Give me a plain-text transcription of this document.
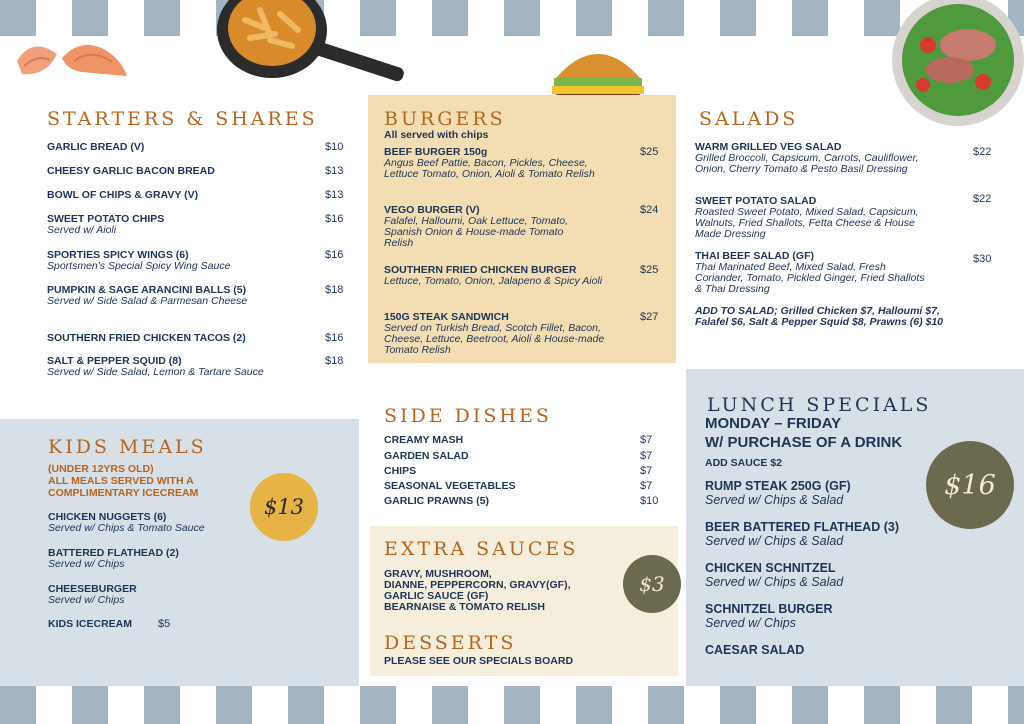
STARTERS & SHARES
GARLIC BREAD (V)	$10
CHEESY GARLIC BACON BREAD	$13
BOWL OF CHIPS & GRAVY (V)	$13
SWEET POTATO CHIPS
Served w/ Aioli
$16
SPORTIES SPICY WINGS (6)
Sportsmen's Special Spicy Wing Sauce
$16
PUMPKIN & SAGE ARANCINI BALLS (5)
Served w/ Side Salad & Parmesan Cheese
$18
SOUTHERN FRIED CHICKEN TACOS (2)	$16
SALT & PEPPER SQUID (8)
Served w/ Side Salad, Lemon & Tartare Sauce
$18
BURGERS
All served with chips
BEEF BURGER 150g
Angus Beef Pattie, Bacon, Pickles, Cheese, Lettuce Tomato, Onion, Aioli & Tomato Relish
$25
VEGO BURGER (V)
Falafel, Halloumi, Oak Lettuce, Tomato, Spanish Onion & House-made Tomato Relish
$24
SOUTHERN FRIED CHICKEN BURGER
Lettuce, Tomato, Onion, Jalapeno & Spicy Aioli
$25
150G STEAK SANDWICH
Served on Turkish Bread, Scotch Fillet, Bacon, Cheese, Lettuce, Beetroot, Aioli & House-made Tomato Relish
$27
SALADS
WARM GRILLED VEG SALAD
Grilled Broccoli, Capsicum, Carrots, Cauliflower, Onion, Cherry Tomato & Pesto Basil Dressing
$22
SWEET POTATO SALAD
Roasted Sweet Potato, Mixed Salad, Capsicum, Walnuts, Fried Shallots, Fetta Cheese & House Made Dressing
$22
THAI BEEF SALAD (GF)
Thai Marinated Beef, Mixed Salad, Fresh Coriander, Tomato, Pickled Ginger, Fried Shallots & Thai Dressing
$30
ADD TO SALAD; Grilled Chicken $7, Halloumi $7, Falafel $6, Salt & Pepper Squid $8, Prawns (6) $10
KIDS MEALS
(UNDER 12YRS OLD)
ALL MEALS SERVED WITH A
COMPLIMENTARY ICECREAM
$13
CHICKEN NUGGETS (6)
Served w/ Chips & Tomato Sauce
BATTERED FLATHEAD (2)
Served w/ Chips
CHEESEBURGER
Served w/ Chips
KIDS ICECREAM $5
SIDE DISHES
CREAMY MASH	$7
GARDEN SALAD	$7
CHIPS	$7
SEASONAL VEGETABLES	$7
GARLIC PRAWNS (5)	$10
EXTRA SAUCES
GRAVY, MUSHROOM,
DIANNE, PEPPERCORN, GRAVY(GF),
GARLIC SAUCE (GF)
BEARNAISE & TOMATO RELISH
$3
DESSERTS
PLEASE SEE OUR SPECIALS BOARD
LUNCH SPECIALS
MONDAY – FRIDAY
W/ PURCHASE OF A DRINK
ADD SAUCE $2
$16
RUMP STEAK 250G (GF)
Served w/ Chips & Salad
BEER BATTERED FLATHEAD (3)
Served w/ Chips & Salad
CHICKEN SCHNITZEL
Served w/ Chips & Salad
SCHNITZEL BURGER
Served w/ Chips
CAESAR SALAD
